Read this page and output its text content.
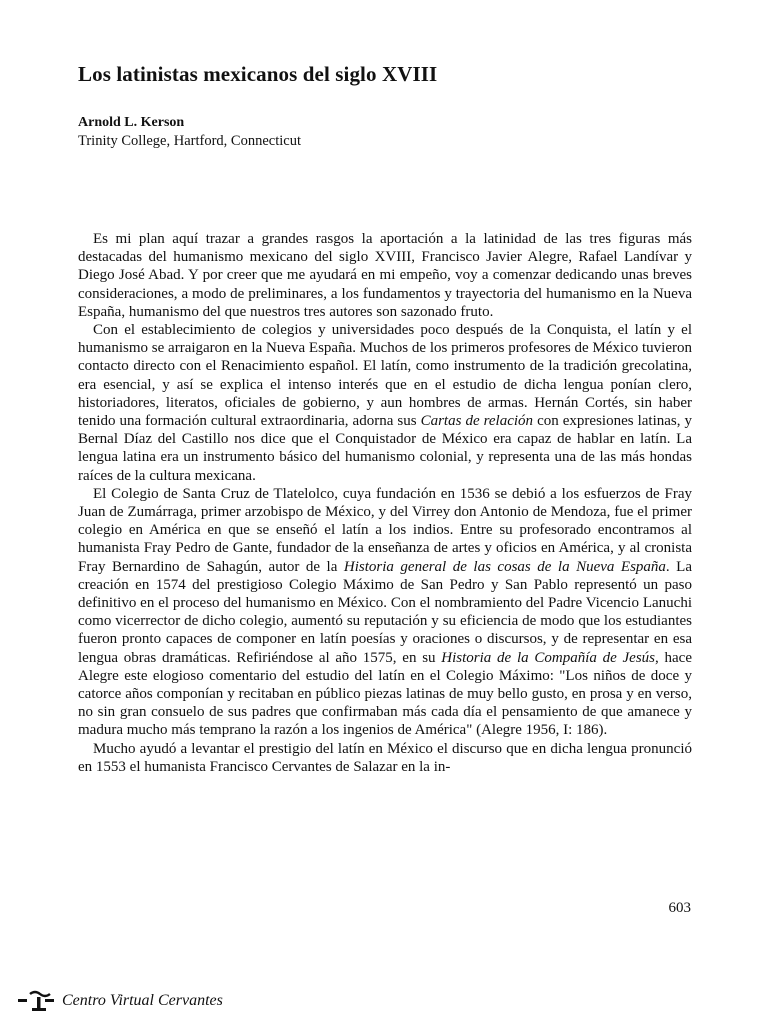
Los latinistas mexicanos del siglo XVIII
Arnold L. Kerson
Trinity College, Hartford, Connecticut

Es mi plan aquí trazar a grandes rasgos la aportación a la latinidad de las tres figuras más destacadas del humanismo mexicano del siglo XVIII, Francisco Javier Alegre, Rafael Landívar y Diego José Abad. Y por creer que me ayudará en mi empeño, voy a comenzar dedicando unas breves consideraciones, a modo de preliminares, a los fundamentos y trayectoria del humanismo en la Nueva España, humanismo del que nuestros tres autores son sazonado fruto.

Con el establecimiento de colegios y universidades poco después de la Conquista, el latín y el humanismo se arraigaron en la Nueva España. Muchos de los primeros profesores de México tuvieron contacto directo con el Renacimiento español. El latín, como instrumento de la tradición grecolatina, era esencial, y así se explica el intenso interés que en el estudio de dicha lengua ponían clero, historiadores, literatos, oficiales de gobierno, y aun hombres de armas. Hernán Cortés, sin haber tenido una formación cultural extraordinaria, adorna sus Cartas de relación con expresiones latinas, y Bernal Díaz del Castillo nos dice que el Conquistador de México era capaz de hablar en latín. La lengua latina era un instrumento básico del humanismo colonial, y representa una de las más hondas raíces de la cultura mexicana.

El Colegio de Santa Cruz de Tlatelolco, cuya fundación en 1536 se debió a los esfuerzos de Fray Juan de Zumárraga, primer arzobispo de México, y del Virrey don Antonio de Mendoza, fue el primer colegio en América en que se enseñó el latín a los indios. Entre su profesorado encontramos al humanista Fray Pedro de Gante, fundador de la enseñanza de artes y oficios en América, y al cronista Fray Bernardino de Sahagún, autor de la Historia general de las cosas de la Nueva España. La creación en 1574 del prestigioso Colegio Máximo de San Pedro y San Pablo representó un paso definitivo en el proceso del humanismo en México. Con el nombramiento del Padre Vicencio Lanuchi como vicerrector de dicho colegio, aumentó su reputación y su eficiencia de modo que los estudiantes fueron pronto capaces de componer en latín poesías y oraciones o discursos, y de representar en esa lengua obras dramáticas. Refiriéndose al año 1575, en su Historia de la Compañía de Jesús, hace Alegre este elogioso comentario del estudio del latín en el Colegio Máximo: "Los niños de doce y catorce años componían y recitaban en público piezas latinas de muy bello gusto, en prosa y en verso, no sin gran consuelo de sus padres que confirmaban más cada día el pensamiento de que amanece y madura mucho más temprano la razón a los ingenios de América" (Alegre 1956, I: 186).

Mucho ayudó a levantar el prestigio del latín en México el discurso que en dicha lengua pronunció en 1553 el humanista Francisco Cervantes de Salazar en la in-

603
Centro Virtual Cervantes
